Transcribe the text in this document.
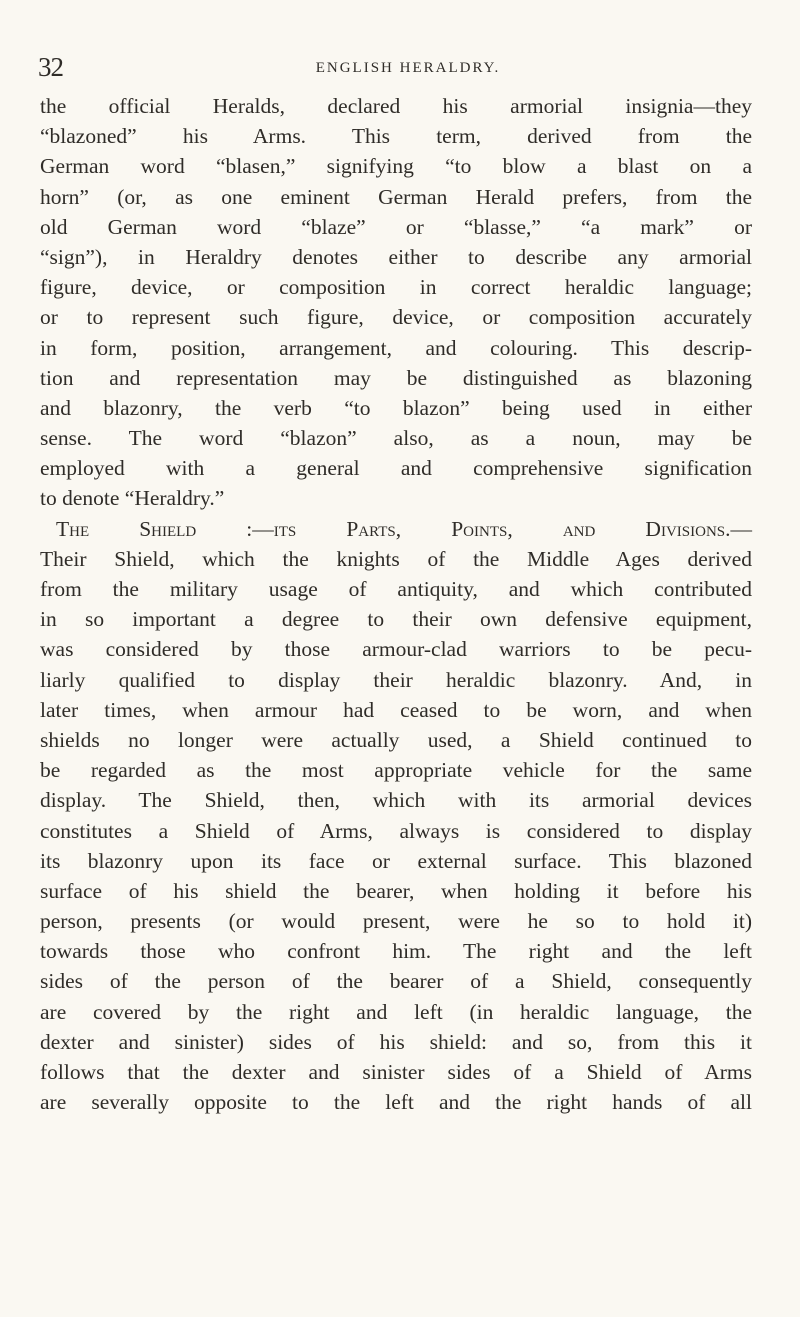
32	ENGLISH HERALDRY.
the official Heralds, declared his armorial insignia—they
“blazoned” his Arms. This term, derived from the
German word “blasen,” signifying “to blow a blast on a
horn” (or, as one eminent German Herald prefers, from the
old German word “blaze” or “blasse,” “a mark” or
“sign”), in Heraldry denotes either to describe any armorial
figure, device, or composition in correct heraldic language;
or to represent such figure, device, or composition accurately
in form, position, arrangement, and colouring. This descrip-
tion and representation may be distinguished as blazoning
and blazonry, the verb “to blazon” being used in either
sense. The word “blazon” also, as a noun, may be
employed with a general and comprehensive signification
to denote “Heraldry.”
The Shield :—its Parts, Points, and Divisions.—
Their Shield, which the knights of the Middle Ages derived
from the military usage of antiquity, and which contributed
in so important a degree to their own defensive equipment,
was considered by those armour-clad warriors to be pecu-
liarly qualified to display their heraldic blazonry. And, in
later times, when armour had ceased to be worn, and when
shields no longer were actually used, a Shield continued to
be regarded as the most appropriate vehicle for the same
display. The Shield, then, which with its armorial devices
constitutes a Shield of Arms, always is considered to display
its blazonry upon its face or external surface. This blazoned
surface of his shield the bearer, when holding it before his
person, presents (or would present, were he so to hold it)
towards those who confront him. The right and the left
sides of the person of the bearer of a Shield, consequently
are covered by the right and left (in heraldic language, the
dexter and sinister) sides of his shield: and so, from this it
follows that the dexter and sinister sides of a Shield of Arms
are severally opposite to the left and the right hands of all
